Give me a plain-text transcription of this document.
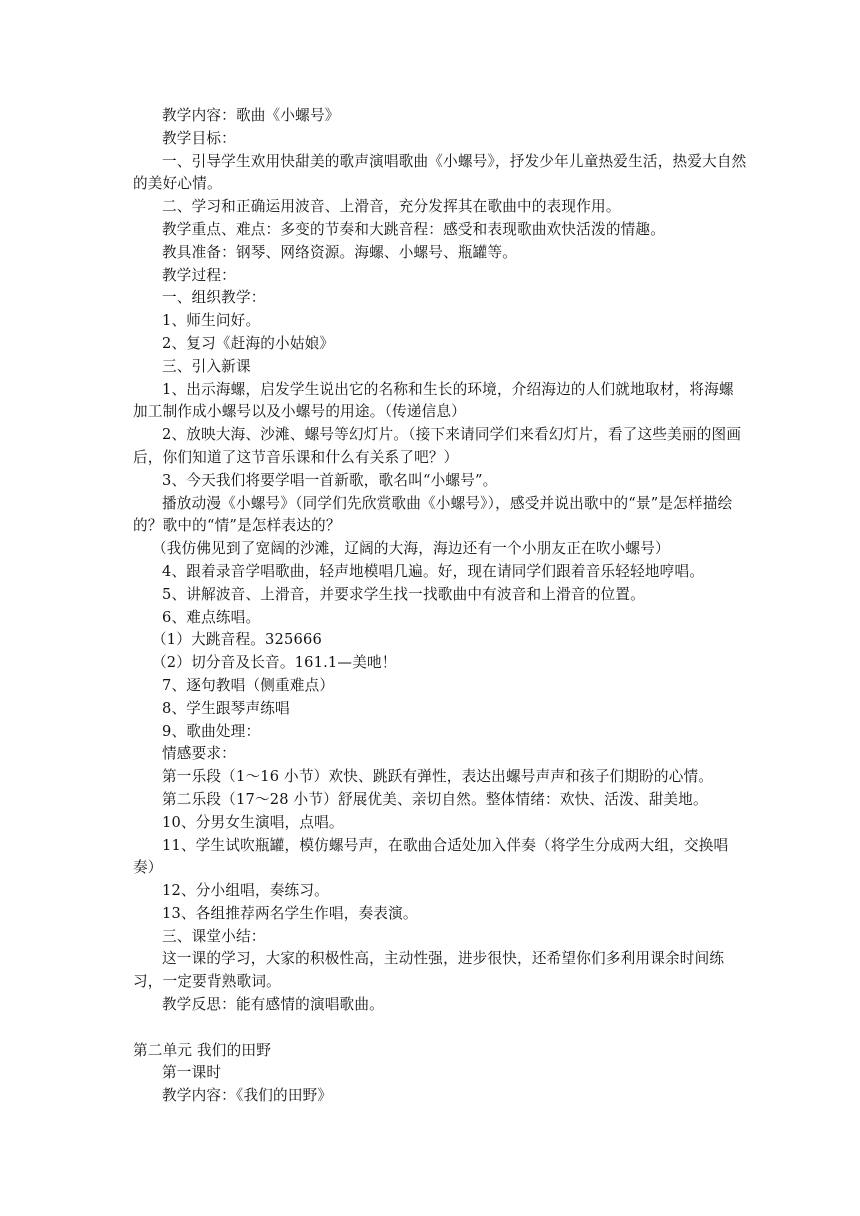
教学内容：歌曲《小螺号》

教学目标：

一、引导学生欢用快甜美的歌声演唱歌曲《小螺号》，抒发少年儿童热爱生活，热爱大自然的美好心情。

二、学习和正确运用波音、上滑音，充分发挥其在歌曲中的表现作用。

教学重点、难点：多变的节奏和大跳音程：感受和表现歌曲欢快活泼的情趣。

教具准备：钢琴、网络资源。海螺、小螺号、瓶罐等。

教学过程：

一、组织教学：

1、师生问好。

2、复习《赶海的小姑娘》

三、引入新课

1、出示海螺，启发学生说出它的名称和生长的环境，介绍海边的人们就地取材，将海螺加工制作成小螺号以及小螺号的用途。（传递信息）

2、放映大海、沙滩、螺号等幻灯片。（接下来请同学们来看幻灯片，看了这些美丽的图画后，你们知道了这节音乐课和什么有关系了吧？）

3、今天我们将要学唱一首新歌，歌名叫“小螺号”。

播放动漫《小螺号》（同学们先欣赏歌曲《小螺号》），感受并说出歌中的“景”是怎样描绘的？歌中的“情”是怎样表达的？

（我仿佛见到了宽阔的沙滩，辽阔的大海，海边还有一个小朋友正在吹小螺号）

4、跟着录音学唱歌曲，轻声地模唱几遍。好，现在请同学们跟着音乐轻轻地哼唱。

5、讲解波音、上滑音，并要求学生找一找歌曲中有波音和上滑音的位置。

6、难点练唱。

（1）大跳音程。325666

（2）切分音及长音。161.1—美吔！

7、逐句教唱（侧重难点）

8、学生跟琴声练唱

9、歌曲处理：

情感要求：

第一乐段（1～16 小节）欢快、跳跃有弹性，表达出螺号声声和孩子们期盼的心情。

第二乐段（17～28 小节）舒展优美、亲切自然。整体情绪：欢快、活泼、甜美地。

10、分男女生演唱，点唱。

11、学生试吹瓶罐，模仿螺号声，在歌曲合适处加入伴奏（将学生分成两大组，交换唱奏）

12、分小组唱，奏练习。

13、各组推荐两名学生作唱，奏表演。

三、课堂小结：

这一课的学习，大家的积极性高，主动性强，进步很快，还希望你们多利用课余时间练习，一定要背熟歌词。

教学反思：能有感情的演唱歌曲。

第二单元 我们的田野

第一课时

教学内容：《我们的田野》
